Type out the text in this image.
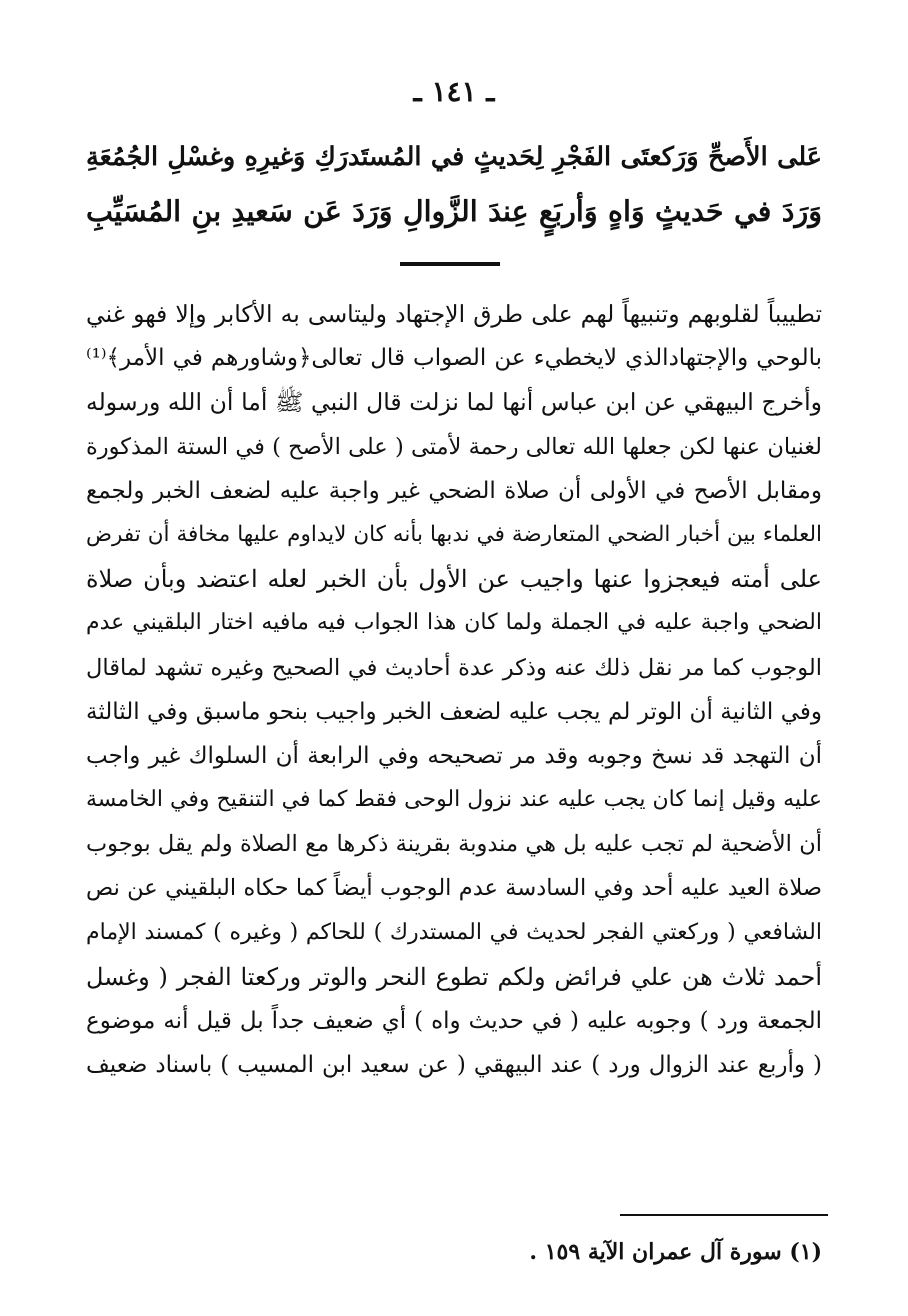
ـ ١٤١ ـ
عَلى الأَصحِّ وَرَكعتَى الفَجْرِ لِحَديثٍ في المُستَدرَكِ وَغيرِهِ وغسْلِ الجُمُعَةِ
وَرَدَ في حَديثٍ وَاهٍ وَأربَعٍ عِندَ الزَّوالِ وَرَدَ عَن سَعيدِ بنِ المُسَيِّبِ
تطييباً لقلوبهم وتنبيهاً لهم على طرق الإجتهاد وليتاسى به الأكابر وإلا فهو غني
بالوحي والإجتهادالذي لايخطيء عن الصواب قال تعالى﴿وشاورهم في الأمر﴾⁽¹⁾
وأخرج البيهقي عن ابن عباس أنها لما نزلت قال النبي ﷺ أما أن الله ورسوله
لغنيان عنها لكن جعلها الله تعالى رحمة لأمتى ( على الأصح ) في الستة المذكورة
ومقابل الأصح في الأولى أن صلاة الضحي غير واجبة عليه لضعف الخبر ولجمع
العلماء بين أخبار الضحي المتعارضة في ندبها بأنه كان لايداوم عليها مخافة أن تفرض
على أمته فيعجزوا عنها واجيب عن الأول بأن الخبر لعله اعتضد وبأن صلاة
الضحي واجبة عليه في الجملة ولما كان هذا الجواب فيه مافيه اختار البلقيني عدم
الوجوب كما مر نقل ذلك عنه وذكر عدة أحاديث في الصحيح وغيره تشهد لماقال
وفي الثانية أن الوتر لم يجب عليه لضعف الخبر واجيب بنحو ماسبق وفي الثالثة
أن التهجد قد نسخ وجوبه وقد مر تصحيحه وفي الرابعة أن السلواك غير واجب
عليه وقيل إنما كان يجب عليه عند نزول الوحى فقط كما في التنقيح وفي الخامسة
أن الأضحية لم تجب عليه بل هي مندوبة بقرينة ذكرها مع الصلاة ولم يقل بوجوب
صلاة العيد عليه أحد وفي السادسة عدم الوجوب أيضاً كما حكاه البلقيني عن نص
الشافعي ( وركعتي الفجر لحديث في المستدرك ) للحاكم ( وغيره ) كمسند الإمام
أحمد ثلاث هن علي فرائض ولكم تطوع النحر والوتر وركعتا الفجر ( وغسل
الجمعة ورد ) وجوبه عليه ( في حديث واه ) أي ضعيف جداً بل قيل أنه موضوع
( وأربع عند الزوال ورد ) عند البيهقي ( عن سعيد ابن المسيب ) باسناد ضعيف
(١) سورة آل عمران الآية ١٥٩ .
